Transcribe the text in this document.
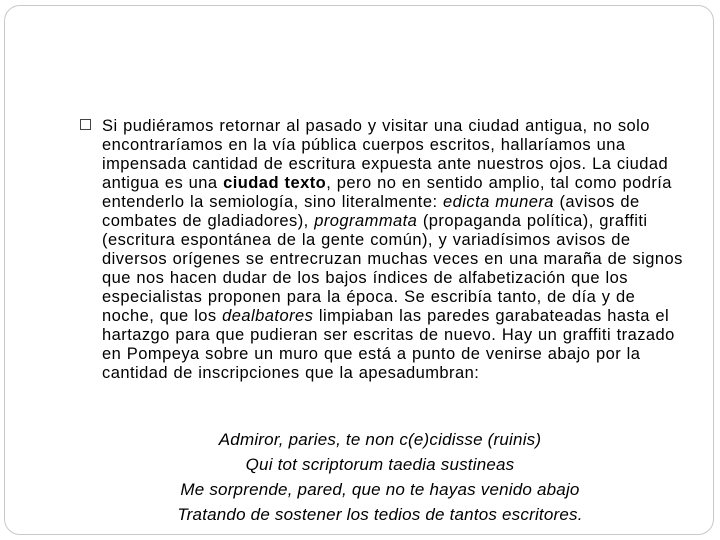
Si pudiéramos retornar al pasado y visitar una ciudad antigua, no solo encontraríamos en la vía pública cuerpos escritos, hallaríamos una impensada cantidad de escritura expuesta ante nuestros ojos. La ciudad antigua es una ciudad texto, pero no en sentido amplio, tal como podría entenderlo la semiología, sino literalmente: edicta munera (avisos de combates de gladiadores), programmata (propaganda política), graffiti (escritura espontánea de la gente común), y variadísimos avisos de diversos orígenes se entrecruzan muchas veces en una maraña de signos que nos hacen dudar de los bajos índices de alfabetización que los especialistas proponen para la época. Se escribía tanto, de día y de noche, que los dealbatores limpiaban las paredes garabateadas hasta el hartazgo para que pudieran ser escritas de nuevo. Hay un graffiti trazado en Pompeya sobre un muro que está a punto de venirse abajo por la cantidad de inscripciones que la apesadumbran:

Admiror, paries, te non c(e)cidisse (ruinis)
Qui tot scriptorum taedia sustineas
Me sorprende, pared, que no te hayas venido abajo
Tratando de sostener los tedios de tantos escritores.
